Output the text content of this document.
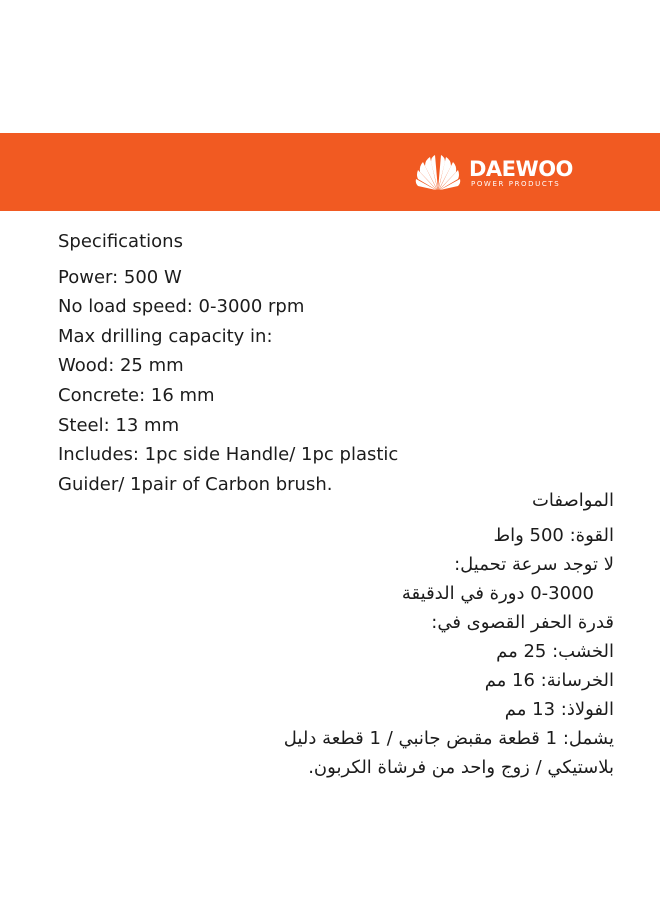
DAEWOO
POWER PRODUCTS
Specifications
Power: 500 W
No load speed: 0-3000 rpm
Max drilling capacity in:
Wood: 25 mm
Concrete: 16 mm
Steel: 13 mm
Includes: 1pc side Handle/ 1pc plastic
Guider/ 1pair of Carbon brush.
المواصفات
القوة: 500 واط
لا توجد سرعة تحميل:
0-3000 دورة في الدقيقة
قدرة الحفر القصوى في:
الخشب: 25 مم
الخرسانة: 16 مم
الفولاذ: 13 مم
يشمل: 1 قطعة مقبض جانبي / 1 قطعة دليل
بلاستيكي / زوج واحد من فرشاة الكربون.
